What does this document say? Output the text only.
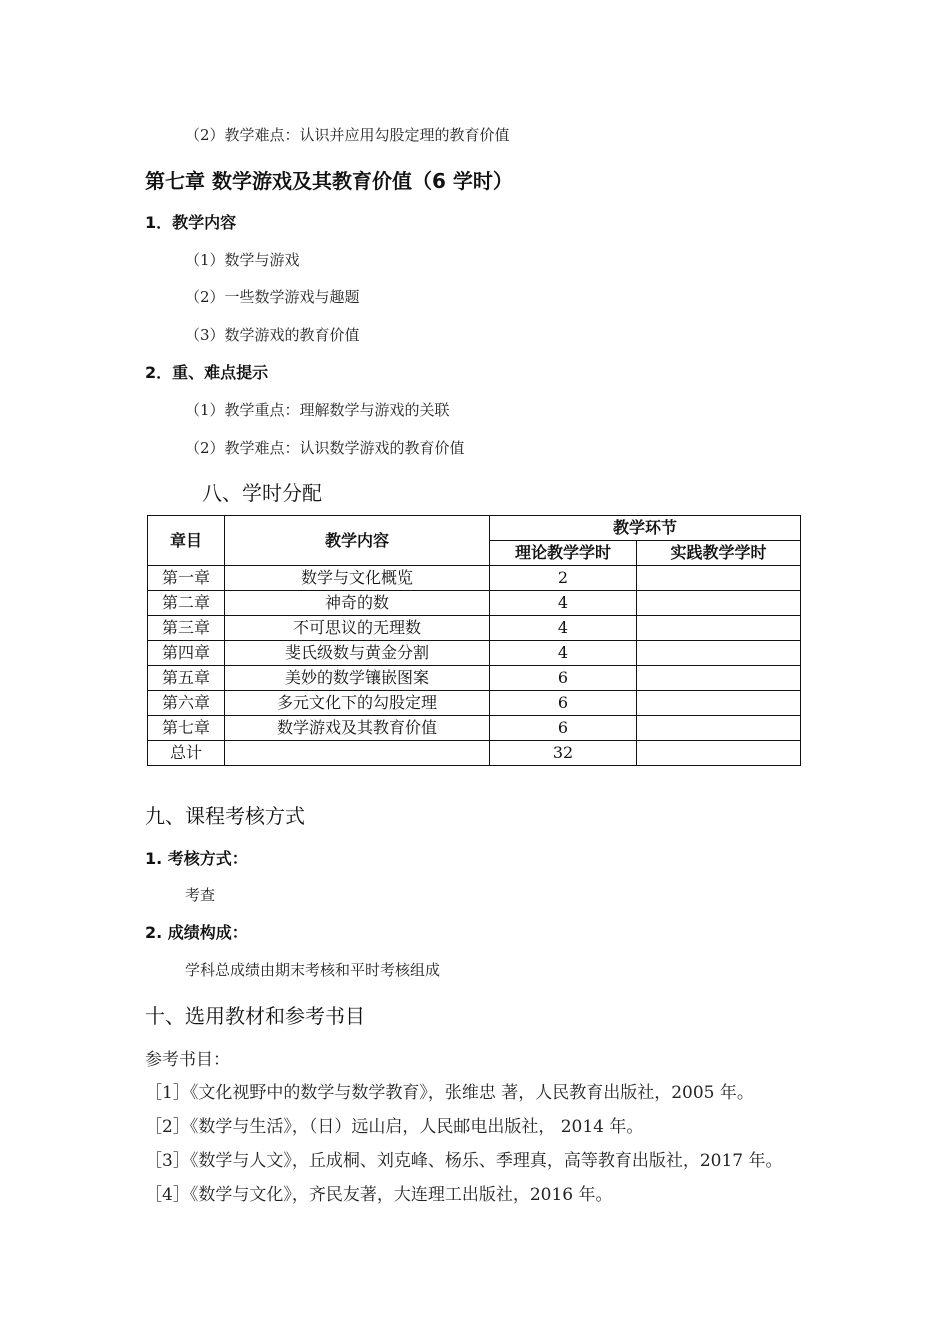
（2）教学难点：认识并应用勾股定理的教育价值
第七章 数学游戏及其教育价值（6 学时）
1．教学内容
（1）数学与游戏
（2）一些数学游戏与趣题
（3）数学游戏的教育价值
2．重、难点提示
（1）教学重点：理解数学与游戏的关联
（2）教学难点：认识数学游戏的教育价值
八、学时分配
章目	教学内容	教学环节	
		理论教学学时	实践教学学时
第一章	数学与文化概览	2	
第二章	神奇的数	4	
第三章	不可思议的无理数	4	
第四章	斐氏级数与黄金分割	4	
第五章	美妙的数学镶嵌图案	6	
第六章	多元文化下的勾股定理	6	
第七章	数学游戏及其教育价值	6	
总计		32	
九、课程考核方式
1. 考核方式：
考查
2. 成绩构成：
学科总成绩由期末考核和平时考核组成
十、选用教材和参考书目
参考书目：
［1］《文化视野中的数学与数学教育》，张维忠 著，人民教育出版社，2005 年。
［2］《数学与生活》，（日）远山启，人民邮电出版社， 2014 年。
［3］《数学与人文》，丘成桐、刘克峰、杨乐、季理真，高等教育出版社，2017 年。
［4］《数学与文化》，齐民友著，大连理工出版社，2016 年。
